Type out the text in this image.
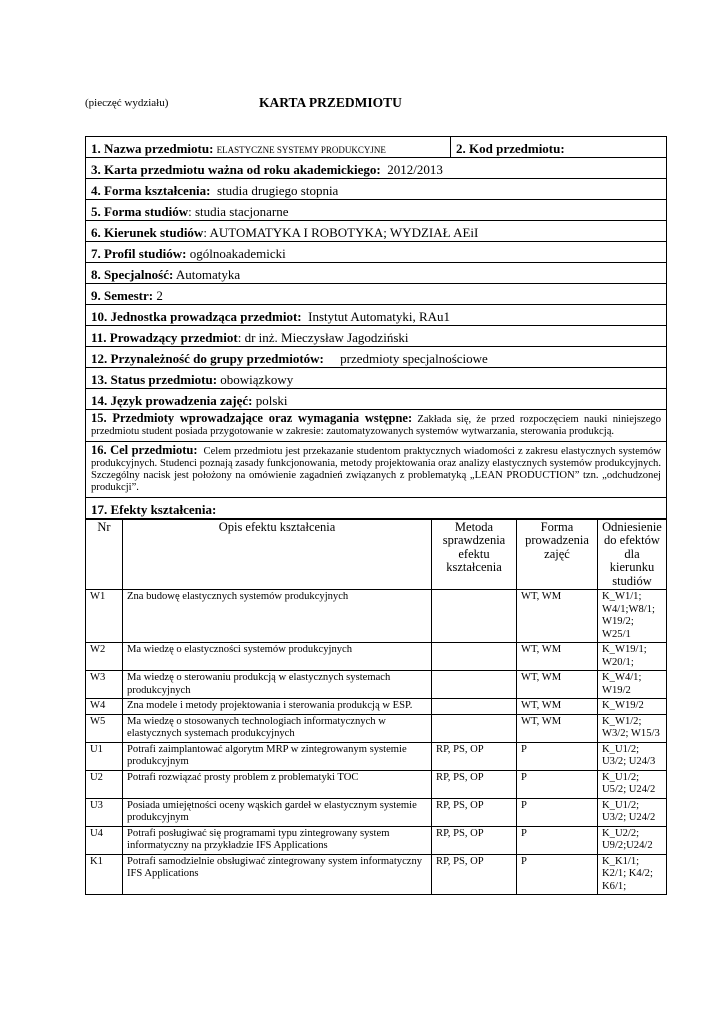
(pieczęć wydziału)	KARTA PRZEDMIOTU
1. Nazwa przedmiotu: ELASTYCZNE SYSTEMY PRODUKCYJNE	2. Kod przedmiotu:
3. Karta przedmiotu ważna od roku akademickiego: 2012/2013
4. Forma kształcenia: studia drugiego stopnia
5. Forma studiów: studia stacjonarne
6. Kierunek studiów: AUTOMATYKA I ROBOTYKA; WYDZIAŁ AEiI
7. Profil studiów: ogólnoakademicki
8. Specjalność: Automatyka
9. Semestr: 2
10. Jednostka prowadząca przedmiot: Instytut Automatyki, RAu1
11. Prowadzący przedmiot: dr inż. Mieczysław Jagodziński
12. Przynależność do grupy przedmiotów: przedmioty specjalnościowe
13. Status przedmiotu: obowiązkowy
14. Język prowadzenia zajęć: polski
15. Przedmioty wprowadzające oraz wymagania wstępne: Zakłada się, że przed rozpoczęciem nauki niniejszego przedmiotu student posiada przygotowanie w zakresie: zautomatyzowanych systemów wytwarzania, sterowania produkcją.
16. Cel przedmiotu: Celem przedmiotu jest przekazanie studentom praktycznych wiadomości z zakresu elastycznych systemów produkcyjnych. Studenci poznają zasady funkcjonowania, metody projektowania oraz analizy elastycznych systemów produkcyjnych. Szczególny nacisk jest położony na omówienie zagadnień związanych z problematyką „LEAN PRODUCTION” tzn. „odchudzonej produkcji”.
17. Efekty kształcenia:
Nr	Opis efektu kształcenia	Metoda sprawdzenia efektu kształcenia	Forma prowadzenia zajęć	Odniesienie do efektów dla kierunku studiów
W1	Zna budowę elastycznych systemów produkcyjnych		WT, WM	K_W1/1; W4/1;W8/1; W19/2; W25/1
W2	Ma wiedzę o elastyczności systemów produkcyjnych		WT, WM	K_W19/1; W20/1;
W3	Ma wiedzę o sterowaniu produkcją w elastycznych systemach produkcyjnych		WT, WM	K_W4/1; W19/2
W4	Zna modele i metody projektowania i sterowania produkcją w ESP.		WT, WM	K_W19/2
W5	Ma wiedzę o stosowanych technologiach informatycznych w elastycznych systemach produkcyjnych		WT, WM	K_W1/2; W3/2; W15/3
U1	Potrafi zaimplantować algorytm MRP w zintegrowanym systemie produkcyjnym	RP, PS, OP	P	K_U1/2; U3/2; U24/3
U2	Potrafi rozwiązać prosty problem z problematyki TOC	RP, PS, OP	P	K_U1/2; U5/2; U24/2
U3	Posiada umiejętności oceny wąskich gardeł w elastycznym systemie produkcyjnym	RP, PS, OP	P	K_U1/2; U3/2; U24/2
U4	Potrafi posługiwać się programami typu zintegrowany system informatyczny na przykładzie IFS Applications	RP, PS, OP	P	K_U2/2; U9/2;U24/2
K1	Potrafi samodzielnie obsługiwać zintegrowany system informatyczny IFS Applications	RP, PS, OP	P	K_K1/1; K2/1; K4/2; K6/1;
